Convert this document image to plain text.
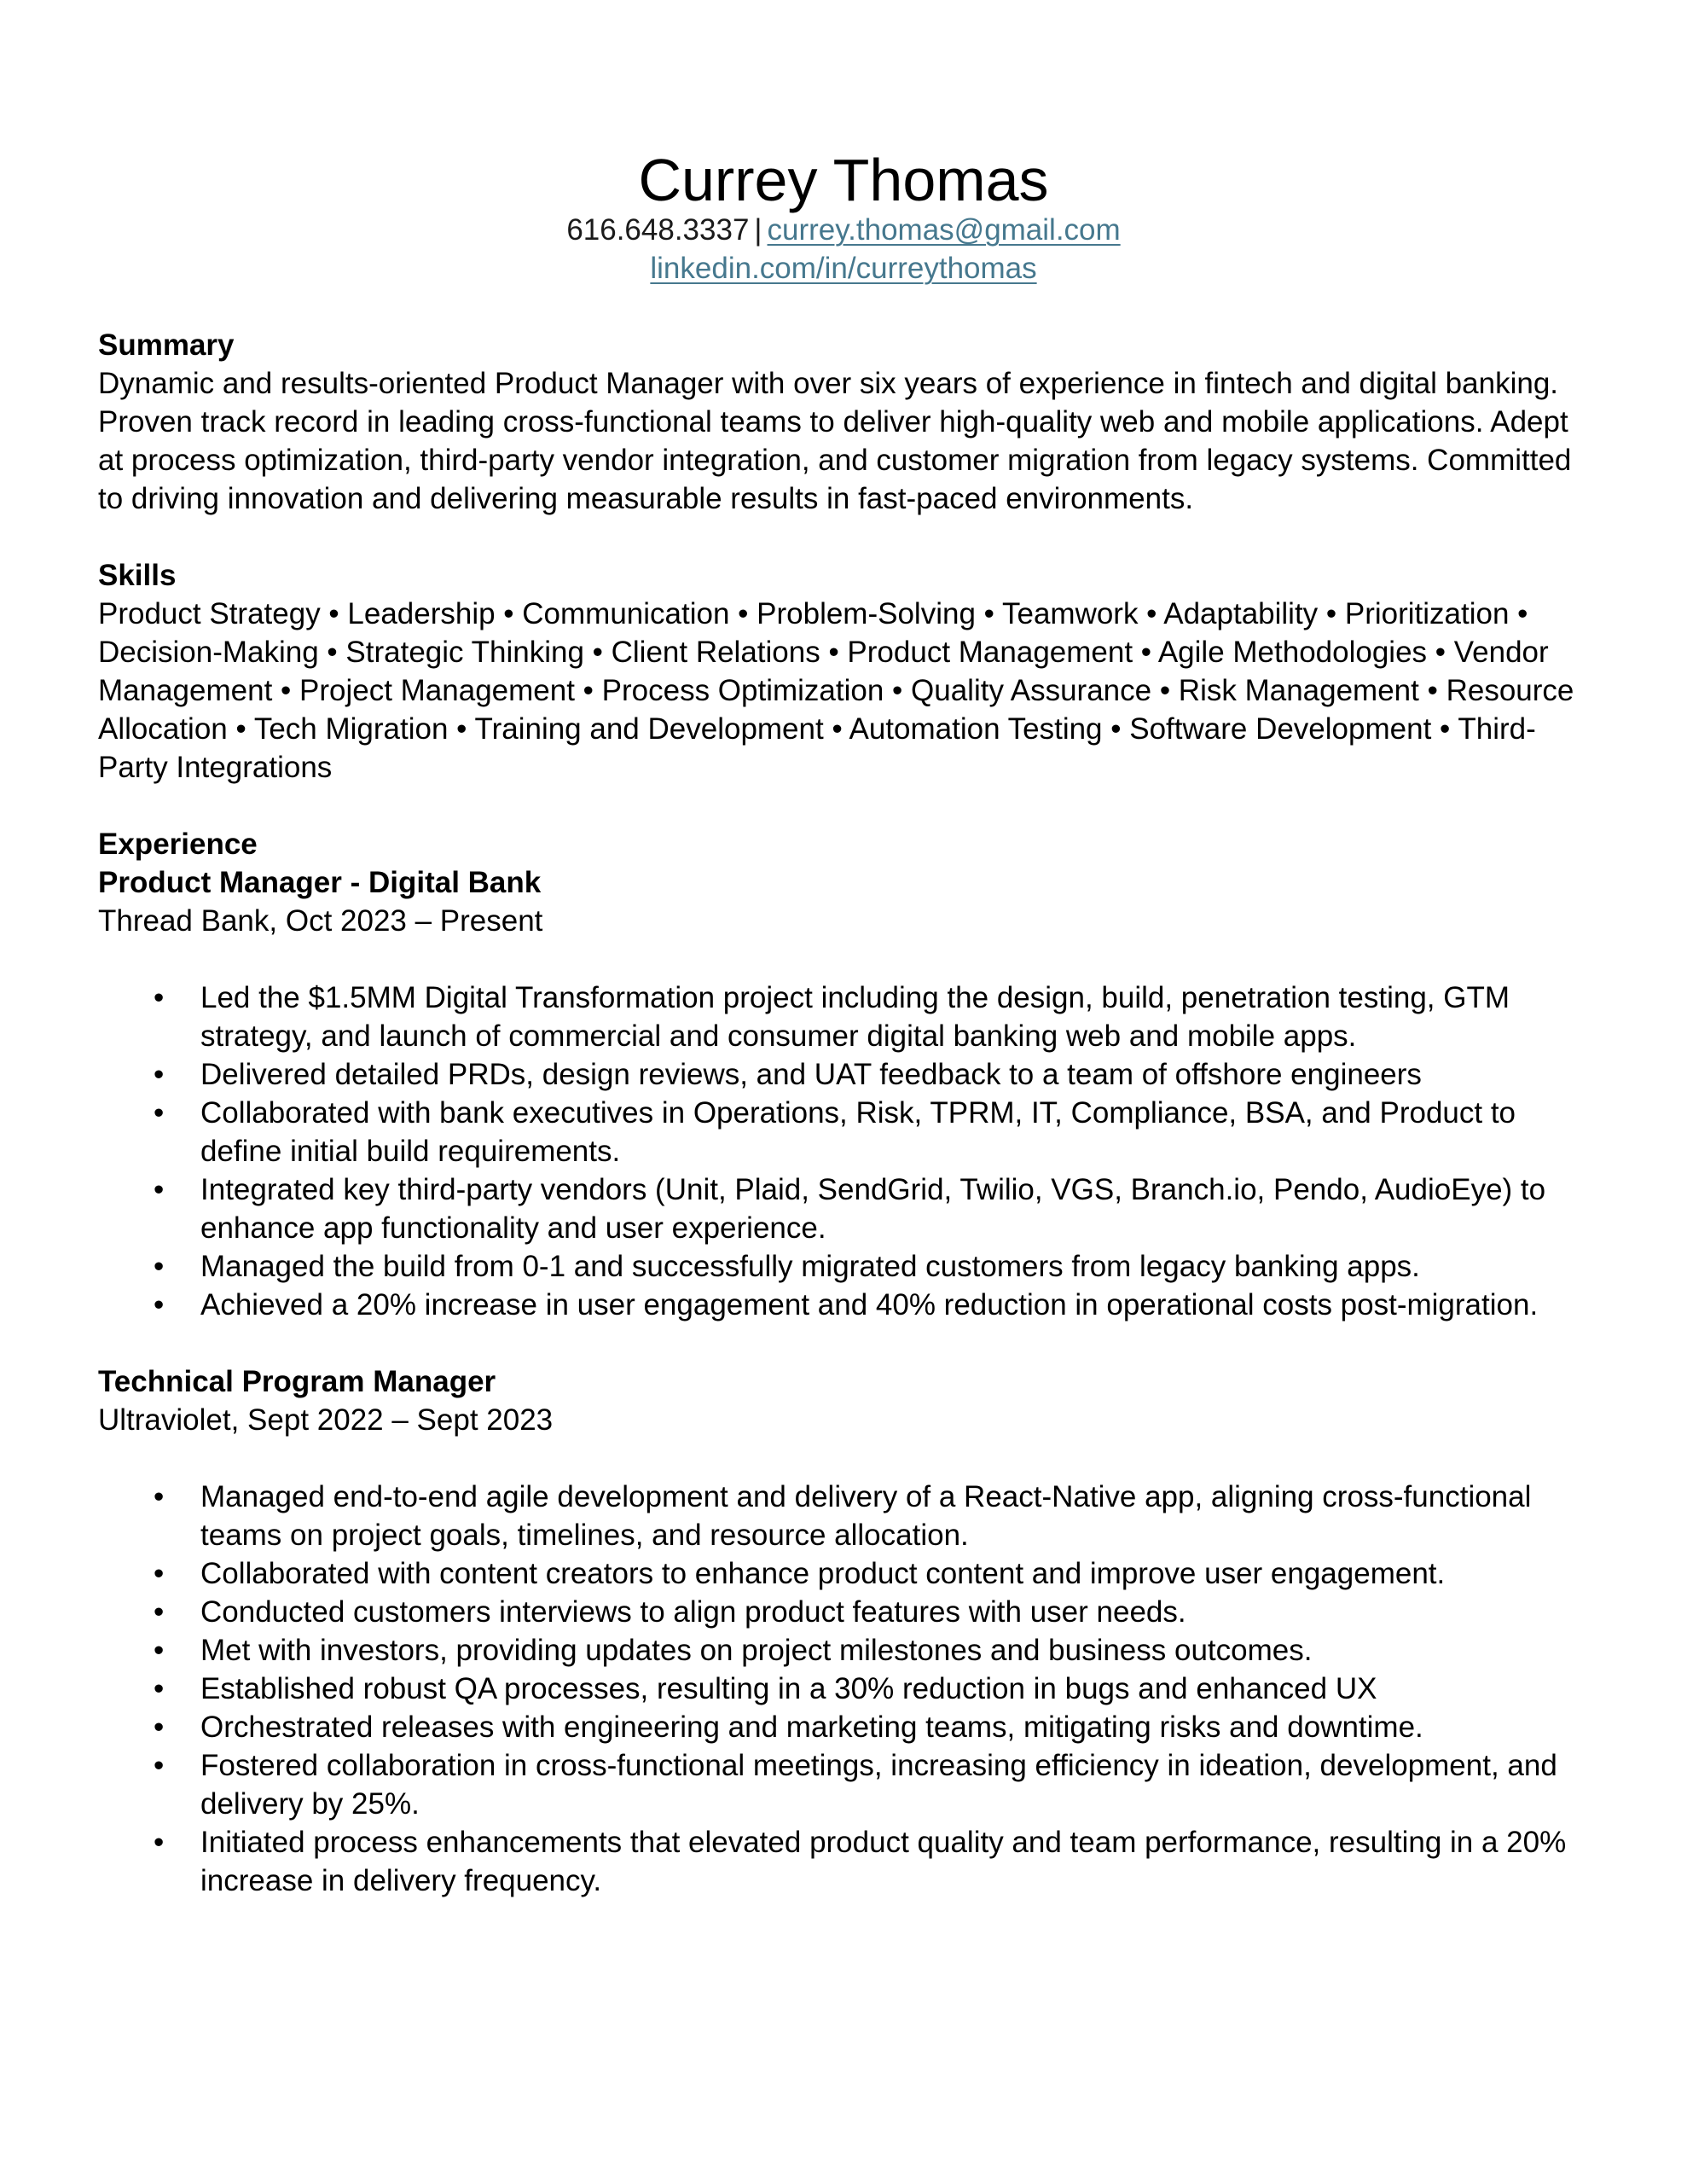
Currey Thomas
616.648.3337 | currey.thomas@gmail.com
linkedin.com/in/curreythomas
Summary
Dynamic and results-oriented Product Manager with over six years of experience in fintech and digital banking. Proven track record in leading cross-functional teams to deliver high-quality web and mobile applications. Adept at process optimization, third-party vendor integration, and customer migration from legacy systems. Committed to driving innovation and delivering measurable results in fast-paced environments.
Skills
Product Strategy • Leadership • Communication • Problem-Solving • Teamwork • Adaptability • Prioritization • Decision-Making • Strategic Thinking • Client Relations • Product Management • Agile Methodologies • Vendor Management • Project Management • Process Optimization • Quality Assurance • Risk Management • Resource Allocation • Tech Migration • Training and Development • Automation Testing • Software Development • Third-Party Integrations
Experience
Product Manager - Digital Bank
Thread Bank, Oct 2023 – Present
• Led the $1.5MM Digital Transformation project including the design, build, penetration testing, GTM strategy, and launch of commercial and consumer digital banking web and mobile apps.
• Delivered detailed PRDs, design reviews, and UAT feedback to a team of offshore engineers
• Collaborated with bank executives in Operations, Risk, TPRM, IT, Compliance, BSA, and Product to define initial build requirements.
• Integrated key third-party vendors (Unit, Plaid, SendGrid, Twilio, VGS, Branch.io, Pendo, AudioEye) to enhance app functionality and user experience.
• Managed the build from 0-1 and successfully migrated customers from legacy banking apps.
• Achieved a 20% increase in user engagement and 40% reduction in operational costs post-migration.
Technical Program Manager
Ultraviolet, Sept 2022 – Sept 2023
• Managed end-to-end agile development and delivery of a React-Native app, aligning cross-functional teams on project goals, timelines, and resource allocation.
• Collaborated with content creators to enhance product content and improve user engagement.
• Conducted customers interviews to align product features with user needs.
• Met with investors, providing updates on project milestones and business outcomes.
• Established robust QA processes, resulting in a 30% reduction in bugs and enhanced UX
• Orchestrated releases with engineering and marketing teams, mitigating risks and downtime.
• Fostered collaboration in cross-functional meetings, increasing efficiency in ideation, development, and delivery by 25%.
• Initiated process enhancements that elevated product quality and team performance, resulting in a 20% increase in delivery frequency.
